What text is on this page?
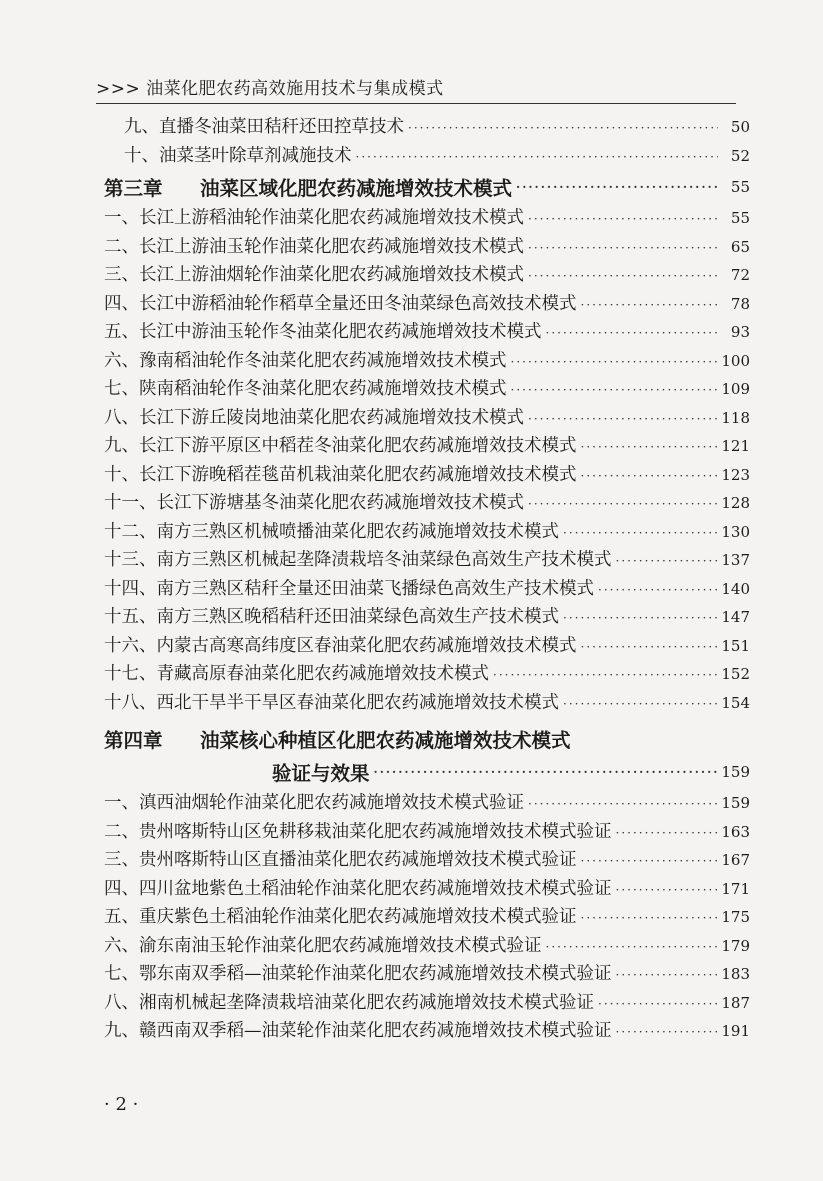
>>> 油菜化肥农药高效施用技术与集成模式
九、直播冬油菜田秸秆还田控草技术 ·····	50
十、油菜茎叶除草剂减施技术 ·····	52
第三章 油菜区域化肥农药减施增效技术模式 ·····	55
一、长江上游稻油轮作油菜化肥农药减施增效技术模式 ·····	55
二、长江上游油玉轮作油菜化肥农药减施增效技术模式 ·····	65
三、长江上游油烟轮作油菜化肥农药减施增效技术模式 ·····	72
四、长江中游稻油轮作稻草全量还田冬油菜绿色高效技术模式 ·····	78
五、长江中游油玉轮作冬油菜化肥农药减施增效技术模式 ·····	93
六、豫南稻油轮作冬油菜化肥农药减施增效技术模式 ·····	100
七、陕南稻油轮作冬油菜化肥农药减施增效技术模式 ·····	109
八、长江下游丘陵岗地油菜化肥农药减施增效技术模式 ·····	118
九、长江下游平原区中稻茬冬油菜化肥农药减施增效技术模式 ·····	121
十、长江下游晚稻茬毯苗机栽油菜化肥农药减施增效技术模式 ·····	123
十一、长江下游塘基冬油菜化肥农药减施增效技术模式 ·····	128
十二、南方三熟区机械喷播油菜化肥农药减施增效技术模式 ·····	130
十三、南方三熟区机械起垄降渍栽培冬油菜绿色高效生产技术模式 ·····	137
十四、南方三熟区秸秆全量还田油菜飞播绿色高效生产技术模式 ·····	140
十五、南方三熟区晚稻秸秆还田油菜绿色高效生产技术模式 ·····	147
十六、内蒙古高寒高纬度区春油菜化肥农药减施增效技术模式 ·····	151
十七、青藏高原春油菜化肥农药减施增效技术模式 ·····	152
十八、西北干旱半干旱区春油菜化肥农药减施增效技术模式 ·····	154
第四章	油菜核心种植区化肥农药减施增效技术模式
验证与效果 ·····	159
一、滇西油烟轮作油菜化肥农药减施增效技术模式验证 ·····	159
二、贵州喀斯特山区免耕移栽油菜化肥农药减施增效技术模式验证 ·····	163
三、贵州喀斯特山区直播油菜化肥农药减施增效技术模式验证 ·····	167
四、四川盆地紫色土稻油轮作油菜化肥农药减施增效技术模式验证 ·····	171
五、重庆紫色土稻油轮作油菜化肥农药减施增效技术模式验证 ·····	175
六、渝东南油玉轮作油菜化肥农药减施增效技术模式验证 ·····	179
七、鄂东南双季稻—油菜轮作油菜化肥农药减施增效技术模式验证 ·····	183
八、湘南机械起垄降渍栽培油菜化肥农药减施增效技术模式验证 ·····	187
九、赣西南双季稻—油菜轮作油菜化肥农药减施增效技术模式验证 ·····	191
· 2 ·
